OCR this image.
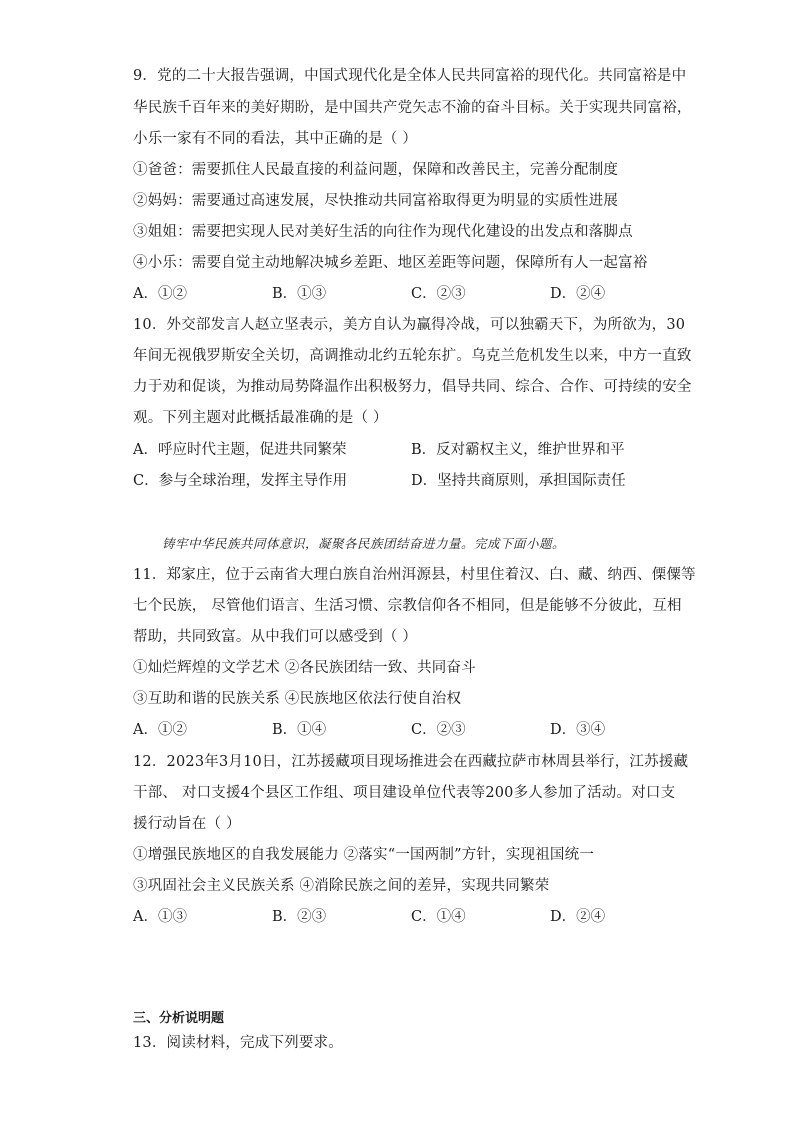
9．党的二十大报告强调，中国式现代化是全体人民共同富裕的现代化。共同富裕是中
华民族千百年来的美好期盼，是中国共产党矢志不渝的奋斗目标。关于实现共同富裕，
小乐一家有不同的看法，其中正确的是（ ）
①爸爸：需要抓住人民最直接的利益问题，保障和改善民主，完善分配制度
②妈妈：需要通过高速发展，尽快推动共同富裕取得更为明显的实质性进展
③姐姐：需要把实现人民对美好生活的向往作为现代化建设的出发点和落脚点
④小乐：需要自觉主动地解决城乡差距、地区差距等问题，保障所有人一起富裕
A．①②	B．①③	C．②③	D．②④
10．外交部发言人赵立坚表示，美方自认为赢得冷战，可以独霸天下，为所欲为，30
年间无视俄罗斯安全关切，高调推动北约五轮东扩。乌克兰危机发生以来，中方一直致
力于劝和促谈，为推动局势降温作出积极努力，倡导共同、综合、合作、可持续的安全
观。下列主题对此概括最准确的是（ ）
A．呼应时代主题，促进共同繁荣	B．反对霸权主义，维护世界和平
C．参与全球治理，发挥主导作用	D．坚持共商原则，承担国际责任
铸牢中华民族共同体意识，凝聚各民族团结奋进力量。完成下面小题。
11．郑家庄，位于云南省大理白族自治州洱源县，村里住着汉、白、藏、纳西、傈僳等
七个民族， 尽管他们语言、生活习惯、宗教信仰各不相同，但是能够不分彼此，互相
帮助，共同致富。从中我们可以感受到（ ）
①灿烂辉煌的文学艺术 ②各民族团结一致、共同奋斗
③互助和谐的民族关系 ④民族地区依法行使自治权
A．①②	B．①④	C．②③	D．③④
12．2023年3月10日，江苏援藏项目现场推进会在西藏拉萨市林周县举行，江苏援藏
干部、 对口支援4个县区工作组、项目建设单位代表等200多人参加了活动。对口支
援行动旨在（ ）
①增强民族地区的自我发展能力 ②落实“一国两制”方针，实现祖国统一
③巩固社会主义民族关系 ④消除民族之间的差异，实现共同繁荣
A．①③	B．②③	C．①④	D．②④
三、分析说明题
13．阅读材料，完成下列要求。
